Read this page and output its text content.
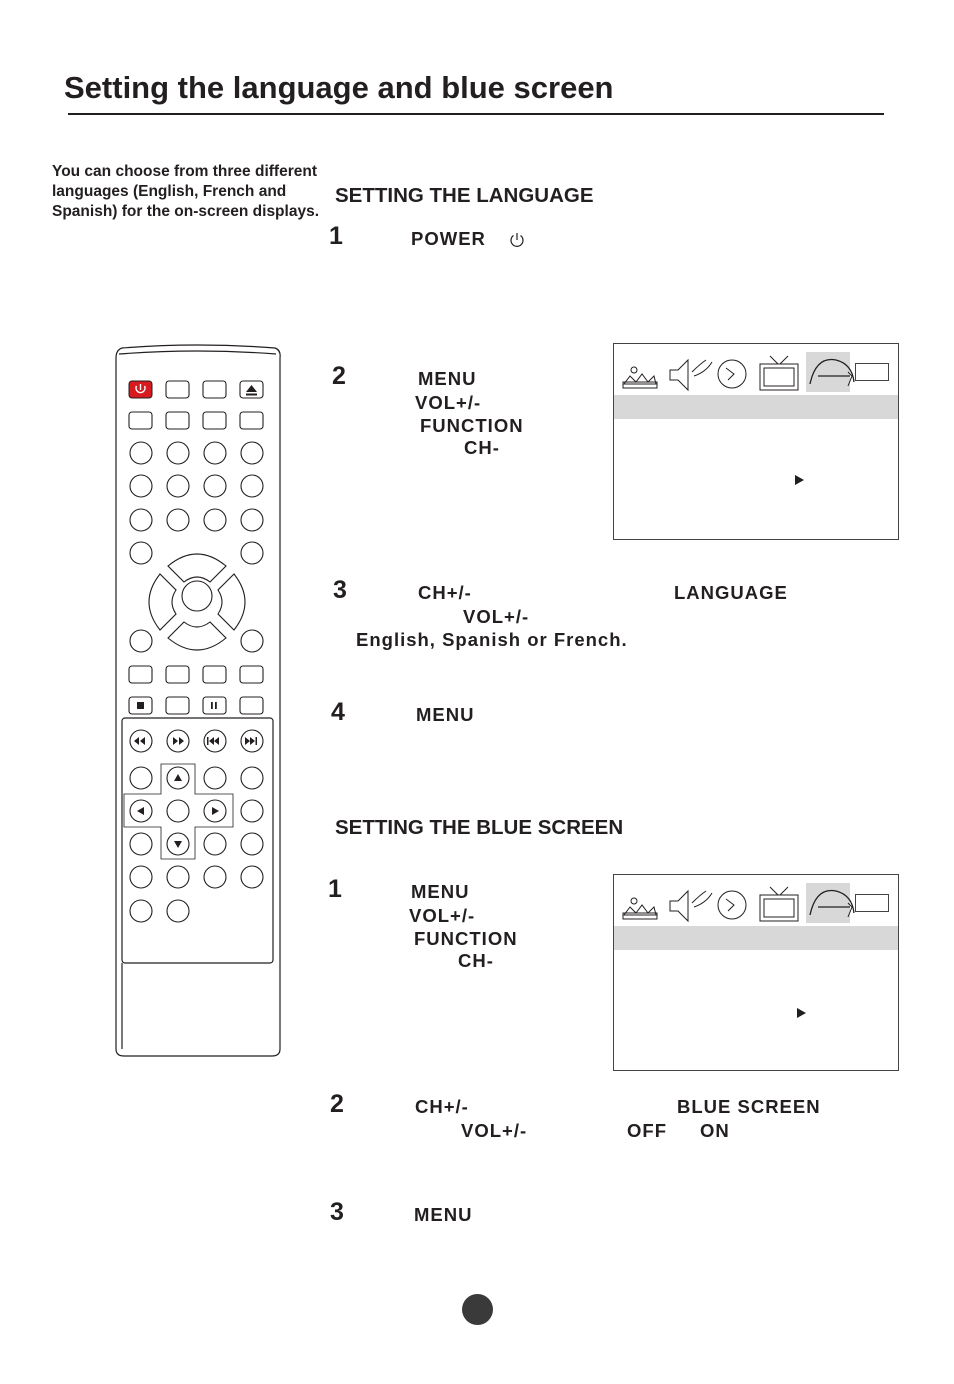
Setting the language and blue screen
You can choose from three different
languages (English, French and
Spanish) for the on-screen displays.
SETTING THE LANGUAGE
1	POWER
2	MENU
VOL+/-
FUNCTION
CH-
3	CH+/-	LANGUAGE
VOL+/-
English, Spanish or French.
4	MENU
SETTING THE BLUE SCREEN
1	MENU
VOL+/-
FUNCTION
CH-
2	CH+/-	BLUE SCREEN
VOL+/-	OFF ON
3	MENU
